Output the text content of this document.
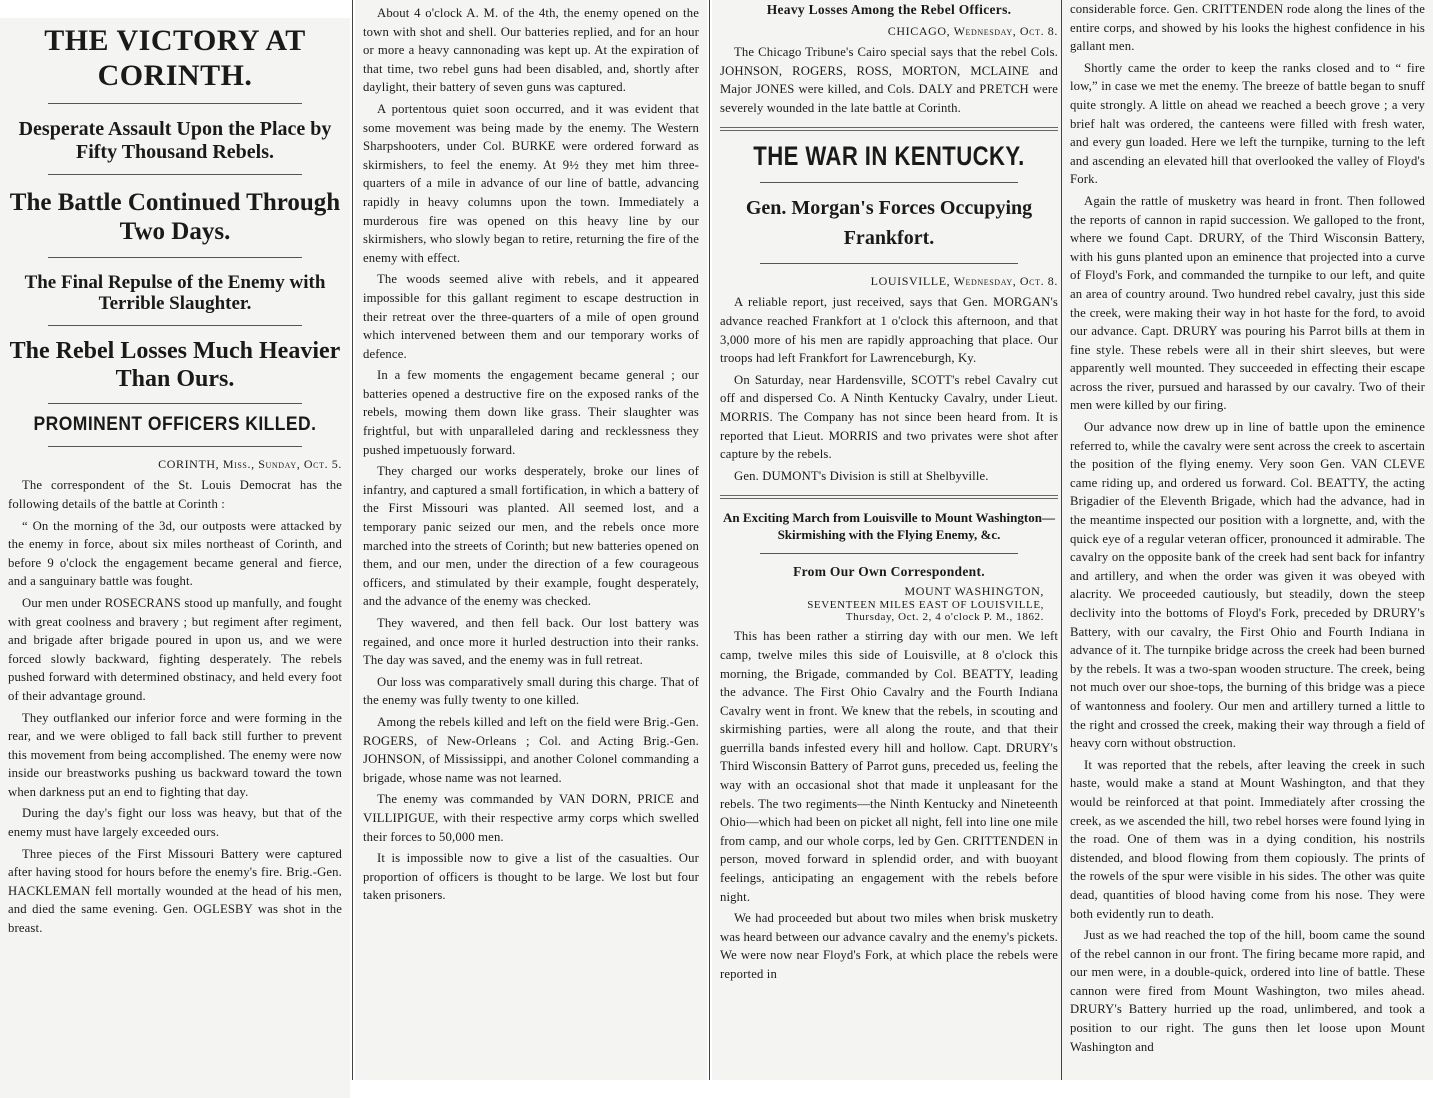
THE VICTORY AT CORINTH.
Desperate Assault Upon the Place by Fifty Thousand Rebels.
The Battle Continued Through Two Days.
The Final Repulse of the Enemy with Terrible Slaughter.
The Rebel Losses Much Heavier Than Ours.
PROMINENT OFFICERS KILLED.
CORINTH, Miss., Sunday, Oct. 5.

The correspondent of the St. Louis Democrat has the following details of the battle at Corinth :

“ On the morning of the 3d, our outposts were attacked by the enemy in force, about six miles northeast of Corinth, and before 9 o'clock the engagement became general and fierce, and a sanguinary battle was fought.

Our men under ROSECRANS stood up manfully, and fought with great coolness and bravery ; but regiment after regiment, and brigade after brigade poured in upon us, and we were forced slowly backward, fighting desperately. The rebels pushed forward with determined obstinacy, and held every foot of their advantage ground.

They outflanked our inferior force and were forming in the rear, and we were obliged to fall back still further to prevent this movement from being accomplished. The enemy were now inside our breastworks pushing us backward toward the town when darkness put an end to fighting that day.

During the day's fight our loss was heavy, but that of the enemy must have largely exceeded ours.

Three pieces of the First Missouri Battery were captured after having stood for hours before the enemy's fire. Brig.-Gen. HACKLEMAN fell mortally wounded at the head of his men, and died the same evening. Gen. OGLESBY was shot in the breast.

About 4 o'clock A. M. of the 4th, the enemy opened on the town with shot and shell. Our batteries replied, and for an hour or more a heavy cannonading was kept up. At the expiration of that time, two rebel guns had been disabled, and, shortly after daylight, their battery of seven guns was captured.

A portentous quiet soon occurred, and it was evident that some movement was being made by the enemy. The Western Sharpshooters, under Col. BURKE were ordered forward as skirmishers, to feel the enemy. At 9½ they met him three-quarters of a mile in advance of our line of battle, advancing rapidly in heavy columns upon the town. Immediately a murderous fire was opened on this heavy line by our skirmishers, who slowly began to retire, returning the fire of the enemy with effect.

The woods seemed alive with rebels, and it appeared impossible for this gallant regiment to escape destruction in their retreat over the three-quarters of a mile of open ground which intervened between them and our temporary works of defence.

In a few moments the engagement became general ; our batteries opened a destructive fire on the exposed ranks of the rebels, mowing them down like grass. Their slaughter was frightful, but with unparalleled daring and recklessness they pushed impetuously forward.

They charged our works desperately, broke our lines of infantry, and captured a small fortification, in which a battery of the First Missouri was planted. All seemed lost, and a temporary panic seized our men, and the rebels once more marched into the streets of Corinth; but new batteries opened on them, and our men, under the direction of a few courageous officers, and stimulated by their example, fought desperately, and the advance of the enemy was checked.

They wavered, and then fell back. Our lost battery was regained, and once more it hurled destruction into their ranks. The day was saved, and the enemy was in full retreat.

Our loss was comparatively small during this charge. That of the enemy was fully twenty to one killed.

Among the rebels killed and left on the field were Brig.-Gen. ROGERS, of New-Orleans ; Col. and Acting Brig.-Gen. JOHNSON, of Mississippi, and another Colonel commanding a brigade, whose name was not learned.

The enemy was commanded by VAN DORN, PRICE and VILLIPIGUE, with their respective army corps which swelled their forces to 50,000 men.

It is impossible now to give a list of the casualties. Our proportion of officers is thought to be large. We lost but four taken prisoners.

Heavy Losses Among the Rebel Officers.
CHICAGO, Wednesday, Oct. 8.

The Chicago Tribune's Cairo special says that the rebel Cols. JOHNSON, ROGERS, ROSS, MORTON, MCLAINE and Major JONES were killed, and Cols. DALY and PRETCH were severely wounded in the late battle at Corinth.

THE WAR IN KENTUCKY.
Gen. Morgan's Forces Occupying Frankfort.
LOUISVILLE, Wednesday, Oct. 8.

A reliable report, just received, says that Gen. MORGAN's advance reached Frankfort at 1 o'clock this afternoon, and that 3,000 more of his men are rapidly approaching that place. Our troops had left Frankfort for Lawrenceburgh, Ky.

On Saturday, near Hardensville, SCOTT's rebel Cavalry cut off and dispersed Co. A Ninth Kentucky Cavalry, under Lieut. MORRIS. The Company has not since been heard from. It is reported that Lieut. MORRIS and two privates were shot after capture by the rebels.

Gen. DUMONT's Division is still at Shelbyville.

An Exciting March from Louisville to Mount Washington—Skirmishing with the Flying Enemy, &c.
From Our Own Correspondent.
MOUNT WASHINGTON,
SEVENTEEN MILES EAST OF LOUISVILLE,
Thursday, Oct. 2, 4 o'clock P. M., 1862.

This has been rather a stirring day with our men. We left camp, twelve miles this side of Louisville, at 8 o'clock this morning, the Brigade, commanded by Col. BEATTY, leading the advance. The First Ohio Cavalry and the Fourth Indiana Cavalry went in front. We knew that the rebels, in scouting and skirmishing parties, were all along the route, and that their guerrilla bands infested every hill and hollow. Capt. DRURY's Third Wisconsin Battery of Parrot guns, preceded us, feeling the way with an occasional shot that made it unpleasant for the rebels. The two regiments—the Ninth Kentucky and Nineteenth Ohio—which had been on picket all night, fell into line one mile from camp, and our whole corps, led by Gen. CRITTENDEN in person, moved forward in splendid order, and with buoyant feelings, anticipating an engagement with the rebels before night.

We had proceeded but about two miles when brisk musketry was heard between our advance cavalry and the enemy's pickets. We were now near Floyd's Fork, at which place the rebels were reported in

considerable force. Gen. CRITTENDEN rode along the lines of the entire corps, and showed by his looks the highest confidence in his gallant men.

Shortly came the order to keep the ranks closed and to “ fire low,” in case we met the enemy. The breeze of battle began to snuff quite strongly. A little on ahead we reached a beech grove ; a very brief halt was ordered, the canteens were filled with fresh water, and every gun loaded. Here we left the turnpike, turning to the left and ascending an elevated hill that overlooked the valley of Floyd's Fork.

Again the rattle of musketry was heard in front. Then followed the reports of cannon in rapid succession. We galloped to the front, where we found Capt. DRURY, of the Third Wisconsin Battery, with his guns planted upon an eminence that projected into a curve of Floyd's Fork, and commanded the turnpike to our left, and quite an area of country around. Two hundred rebel cavalry, just this side the creek, were making their way in hot haste for the ford, to avoid our advance. Capt. DRURY was pouring his Parrot bills at them in fine style. These rebels were all in their shirt sleeves, but were apparently well mounted. They succeeded in effecting their escape across the river, pursued and harassed by our cavalry. Two of their men were killed by our firing.

Our advance now drew up in line of battle upon the eminence referred to, while the cavalry were sent across the creek to ascertain the position of the flying enemy. Very soon Gen. VAN CLEVE came riding up, and ordered us forward. Col. BEATTY, the acting Brigadier of the Eleventh Brigade, which had the advance, had in the meantime inspected our position with a lorgnette, and, with the quick eye of a regular veteran officer, pronounced it admirable. The cavalry on the opposite bank of the creek had sent back for infantry and artillery, and when the order was given it was obeyed with alacrity. We proceeded cautiously, but steadily, down the steep declivity into the bottoms of Floyd's Fork, preceded by DRURY's Battery, with our cavalry, the First Ohio and Fourth Indiana in advance of it. The turnpike bridge across the creek had been burned by the rebels. It was a two-span wooden structure. The creek, being not much over our shoe-tops, the burning of this bridge was a piece of wantonness and foolery. Our men and artillery turned a little to the right and crossed the creek, making their way through a field of heavy corn without obstruction.

It was reported that the rebels, after leaving the creek in such haste, would make a stand at Mount Washington, and that they would be reinforced at that point. Immediately after crossing the creek, as we ascended the hill, two rebel horses were found lying in the road. One of them was in a dying condition, his nostrils distended, and blood flowing from them copiously. The prints of the rowels of the spur were visible in his sides. The other was quite dead, quantities of blood having come from his nose. They were both evidently run to death.

Just as we had reached the top of the hill, boom came the sound of the rebel cannon in our front. The firing became more rapid, and our men were, in a double-quick, ordered into line of battle. These cannon were fired from Mount Washington, two miles ahead. DRURY's Battery hurried up the road, unlimbered, and took a position to our right. The guns then let loose upon Mount Washington and
